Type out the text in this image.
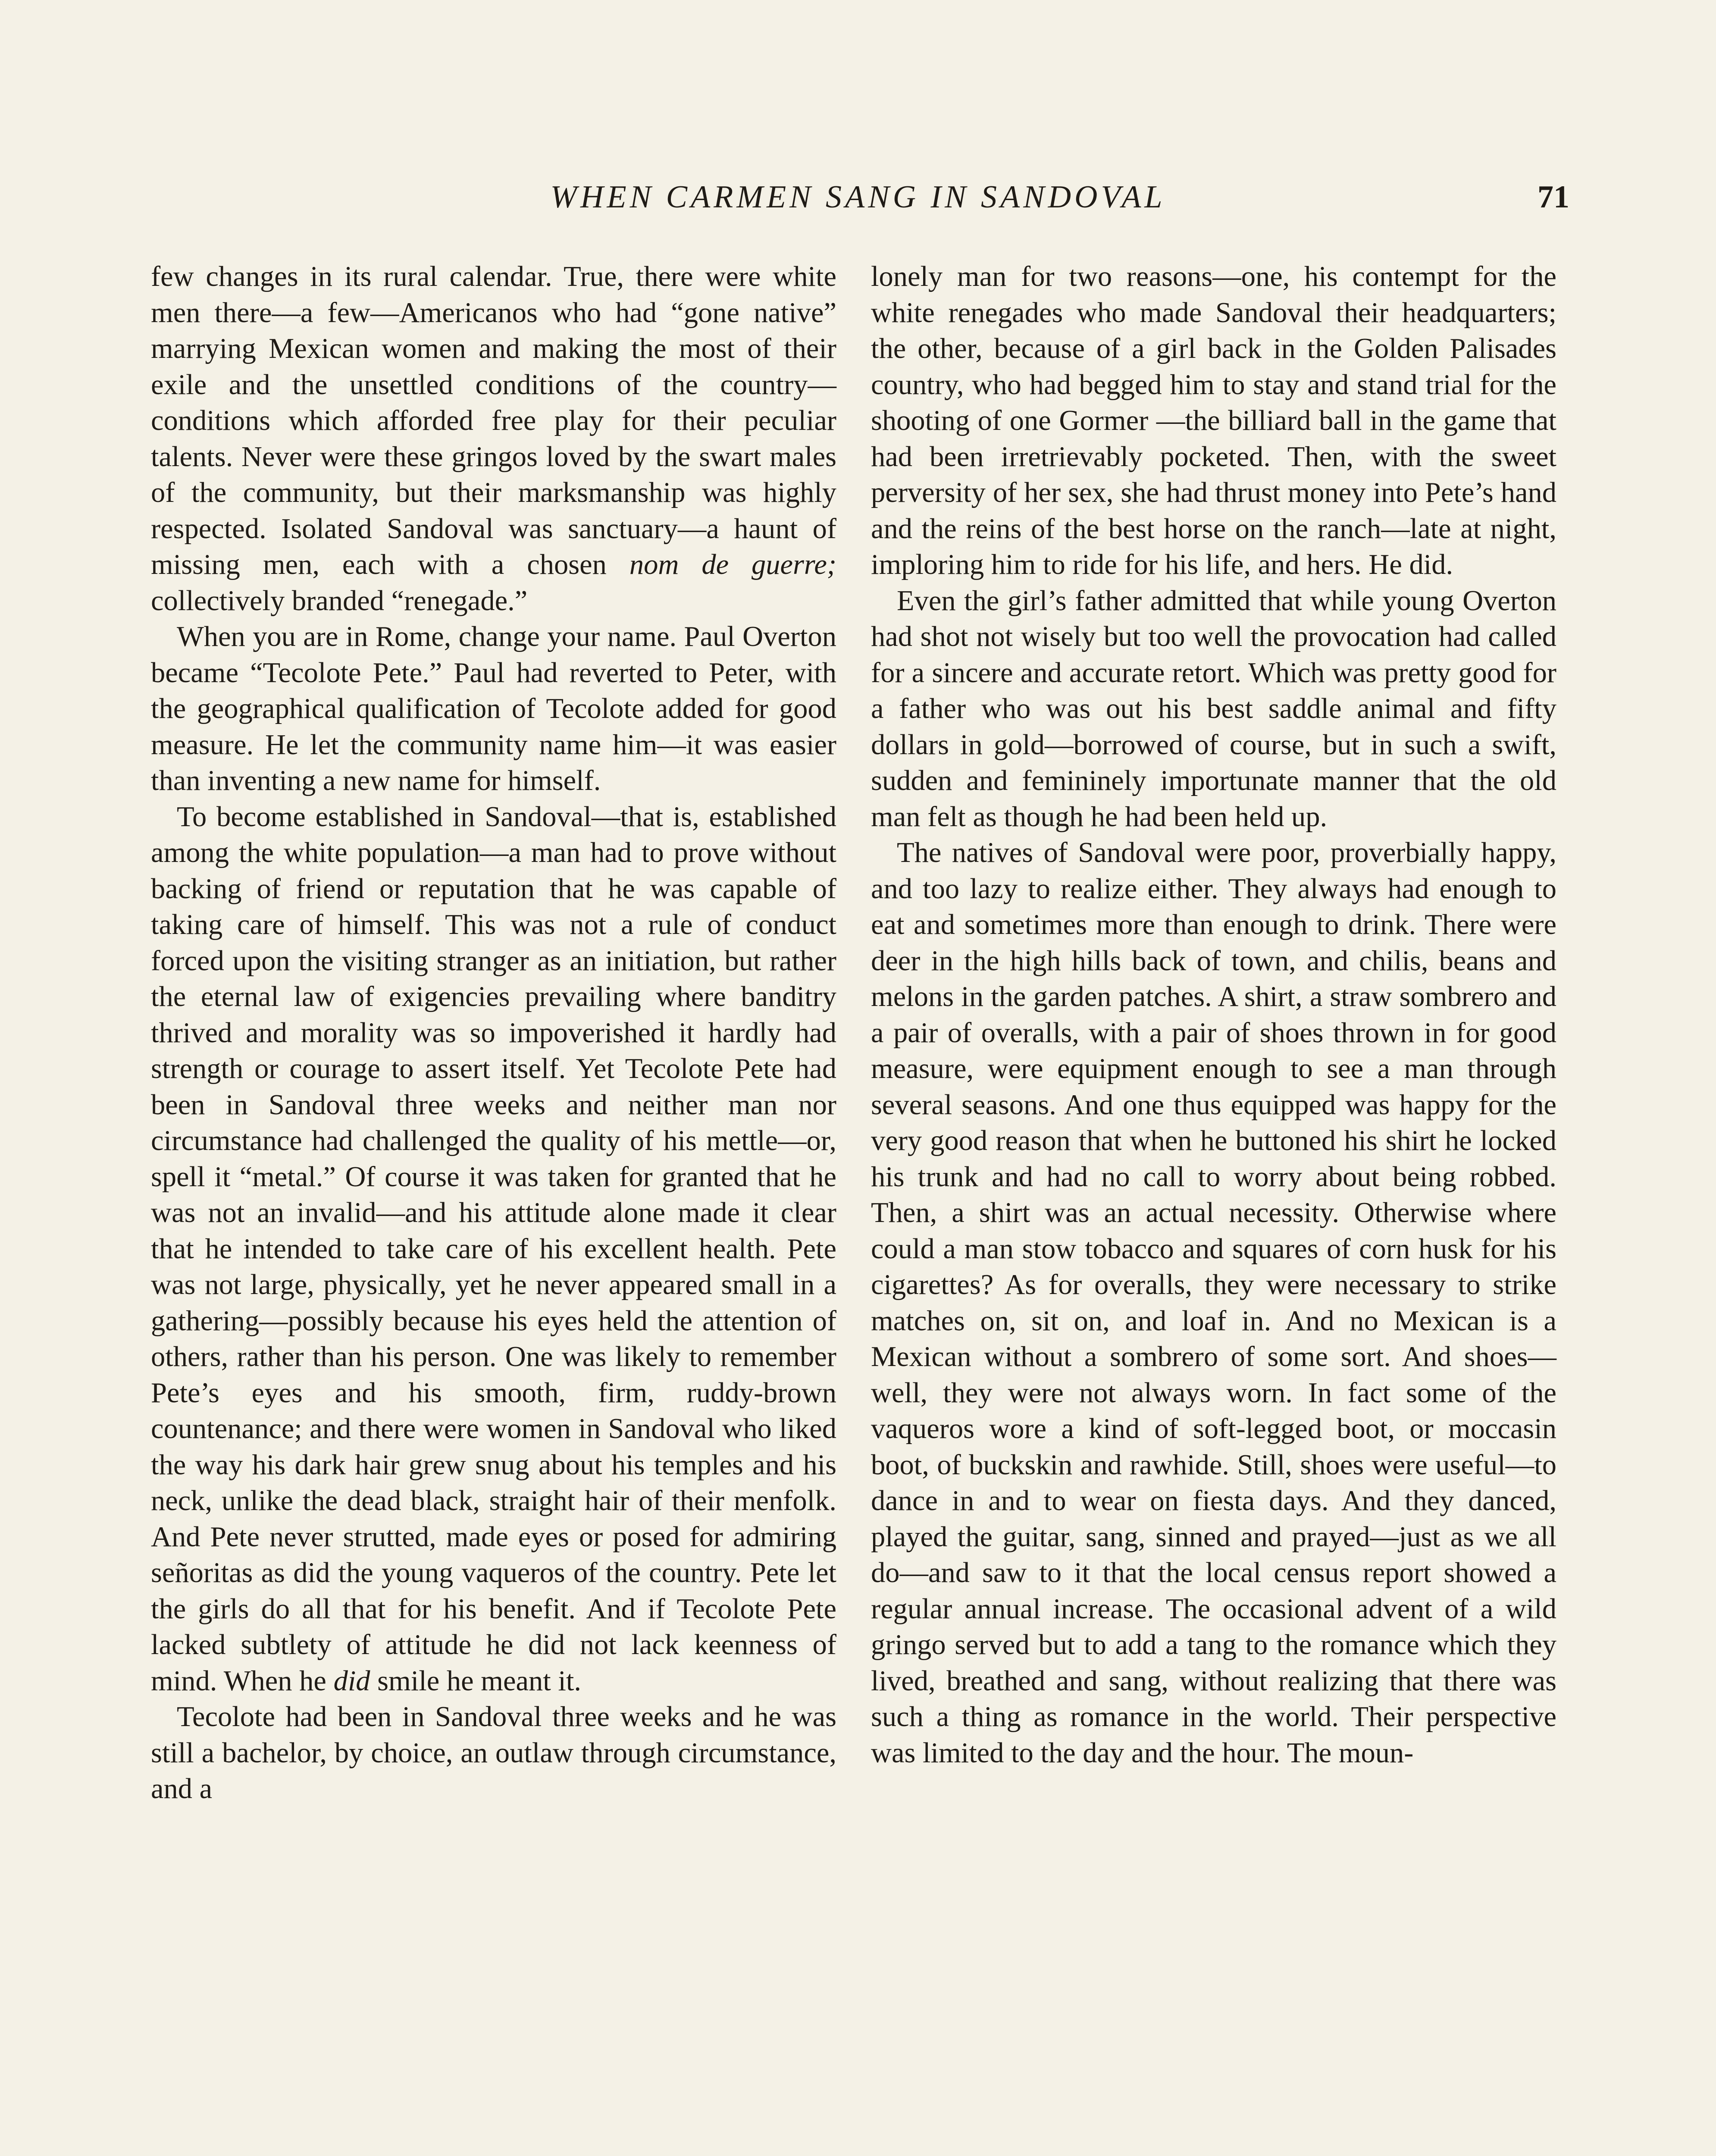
WHEN CARMEN SANG IN SANDOVAL	71

few changes in its rural calendar. True, there were white men there—a few—Americanos who had “gone native” marrying Mexican women and making the most of their exile and the unsettled conditions of the country—conditions which afforded free play for their peculiar talents. Never were these gringos loved by the swart males of the community, but their marksmanship was highly respected. Isolated Sandoval was sanctuary—a haunt of missing men, each with a chosen nom de guerre; collectively branded “renegade.”

When you are in Rome, change your name. Paul Overton became “Tecolote Pete.” Paul had reverted to Peter, with the geographical qualification of Tecolote added for good measure. He let the community name him—it was easier than inventing a new name for himself.

To become established in Sandoval—that is, established among the white population—a man had to prove without backing of friend or reputation that he was capable of taking care of himself. This was not a rule of conduct forced upon the visiting stranger as an initiation, but rather the eternal law of exigencies prevailing where banditry thrived and morality was so impoverished it hardly had strength or courage to assert itself. Yet Tecolote Pete had been in Sandoval three weeks and neither man nor circumstance had challenged the quality of his mettle—or, spell it “metal.” Of course it was taken for granted that he was not an invalid—and his attitude alone made it clear that he intended to take care of his excellent health. Pete was not large, physically, yet he never appeared small in a gathering—possibly because his eyes held the attention of others, rather than his person. One was likely to remember Pete’s eyes and his smooth, firm, ruddy-brown countenance; and there were women in Sandoval who liked the way his dark hair grew snug about his temples and his neck, unlike the dead black, straight hair of their menfolk. And Pete never strutted, made eyes or posed for admiring señoritas as did the young vaqueros of the country. Pete let the girls do all that for his benefit. And if Tecolote Pete lacked subtlety of attitude he did not lack keenness of mind. When he did smile he meant it.

Tecolote had been in Sandoval three weeks and he was still a bachelor, by choice, an outlaw through circumstance, and a

lonely man for two reasons—one, his contempt for the white renegades who made Sandoval their headquarters; the other, because of a girl back in the Golden Palisades country, who had begged him to stay and stand trial for the shooting of one Gormer —the billiard ball in the game that had been irretrievably pocketed. Then, with the sweet perversity of her sex, she had thrust money into Pete’s hand and the reins of the best horse on the ranch—late at night, imploring him to ride for his life, and hers. He did.

Even the girl’s father admitted that while young Overton had shot not wisely but too well the provocation had called for a sincere and accurate retort. Which was pretty good for a father who was out his best saddle animal and fifty dollars in gold—borrowed of course, but in such a swift, sudden and femininely importunate manner that the old man felt as though he had been held up.

The natives of Sandoval were poor, proverbially happy, and too lazy to realize either. They always had enough to eat and sometimes more than enough to drink. There were deer in the high hills back of town, and chilis, beans and melons in the garden patches. A shirt, a straw sombrero and a pair of overalls, with a pair of shoes thrown in for good measure, were equipment enough to see a man through several seasons. And one thus equipped was happy for the very good reason that when he buttoned his shirt he locked his trunk and had no call to worry about being robbed. Then, a shirt was an actual necessity. Otherwise where could a man stow tobacco and squares of corn husk for his cigarettes? As for overalls, they were necessary to strike matches on, sit on, and loaf in. And no Mexican is a Mexican without a sombrero of some sort. And shoes—well, they were not always worn. In fact some of the vaqueros wore a kind of soft-legged boot, or moccasin boot, of buckskin and rawhide. Still, shoes were useful—to dance in and to wear on fiesta days. And they danced, played the guitar, sang, sinned and prayed—just as we all do—and saw to it that the local census report showed a regular annual increase. The occasional advent of a wild gringo served but to add a tang to the romance which they lived, breathed and sang, without realizing that there was such a thing as romance in the world. Their perspective was limited to the day and the hour. The moun-
